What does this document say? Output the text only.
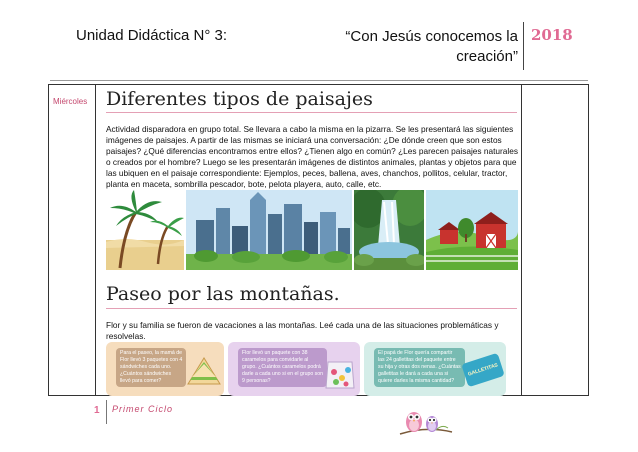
Unidad Didáctica N° 3:	“Con Jesús conocemos la
creación”
2018
Miércoles Diferentes tipos de paisajes
Actividad disparadora en grupo total. Se llevara a cabo la misma en la pizarra. Se les presentará las siguientes imágenes de paisajes. A partir de las mismas se iniciará una conversación: ¿De dónde creen que son estos paisajes? ¿Qué diferencias encontramos entre ellos? ¿Tienen algo en común? ¿Les parecen paisajes naturales o creados por el hombre? Luego se les presentarán imágenes de distintos animales, plantas y objetos para que las ubiquen en el paisaje correspondiente: Ejemplos, peces, ballena, aves, chanchos, pollitos, celular, tractor, planta en maceta, sombrilla pescador, bote, pelota playera, auto, calle, etc.
Paseo por las montañas.
Flor y su familia se fueron de vacaciones a las montañas. Leé cada una de las situaciones problemáticas y resolvelas.
Para el paseo, la mamá de
Flor llevó 3 paquetes con 4
sándwiches cada uno.
¿Cuántos sándwiches
llevó para comer?
Flor llevó un paquete con 38
caramelos para convidarle al
grupo. ¿Cuántos caramelos podrá
darle a cada uno si en el grupo son
9 personas?
El papá de Flor quería compartir
las 24 galletitas del paquete entre
su hija y otras dos nenas. ¿Cuántas
galletitas le dará a cada una si
quiere darles la misma cantidad?
GALLETITAS
1 Primer Ciclo
